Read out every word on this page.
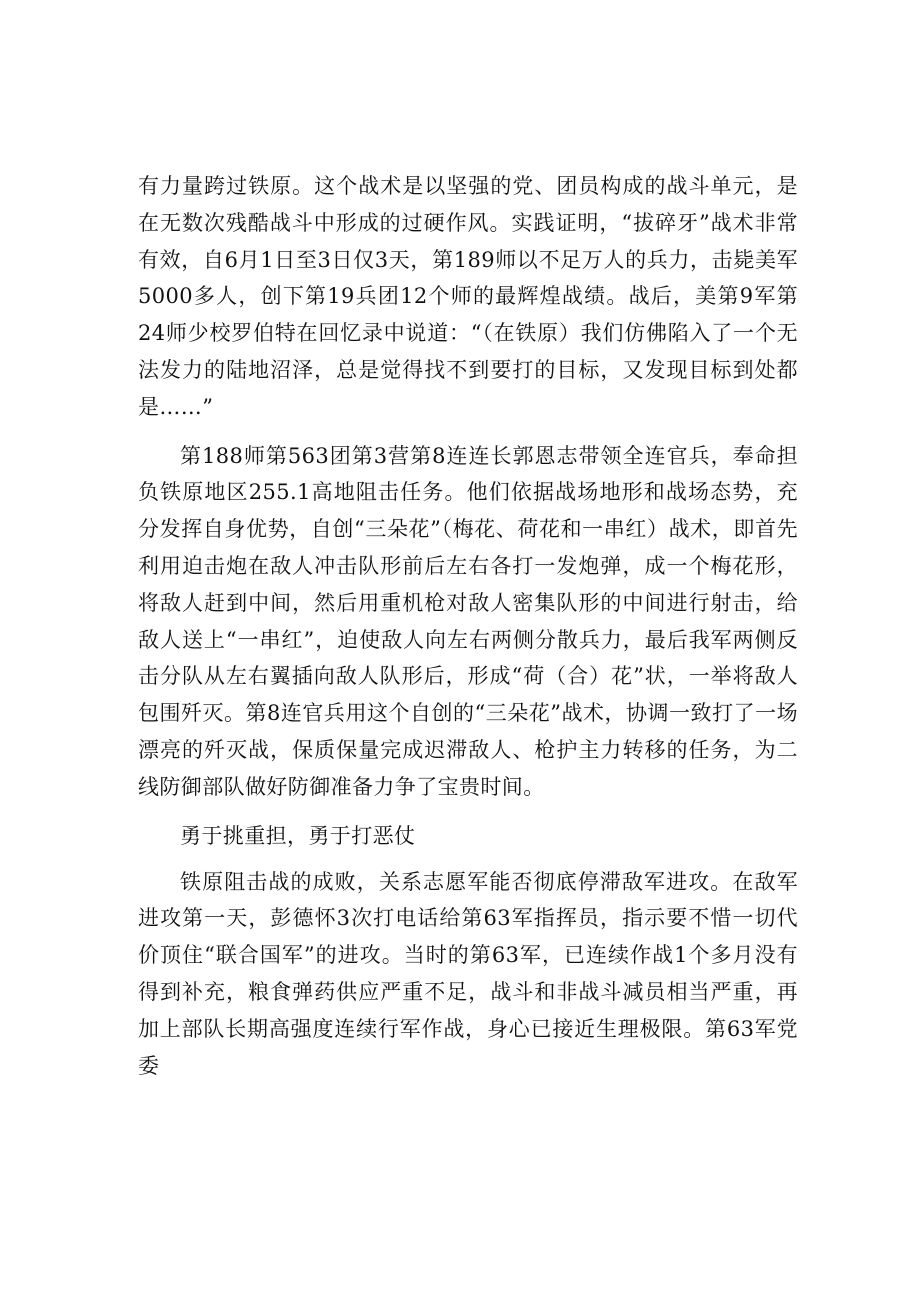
有力量跨过铁原。这个战术是以坚强的党、团员构成的战斗单元，是在无数次残酷战斗中形成的过硬作风。实践证明，“拔碎牙”战术非常有效，自6月1日至3日仅3天，第189师以不足万人的兵力，击毙美军5000多人，创下第19兵团12个师的最辉煌战绩。战后，美第9军第24师少校罗伯特在回忆录中说道：“（在铁原）我们仿佛陷入了一个无法发力的陆地沼泽，总是觉得找不到要打的目标，又发现目标到处都是……”

第188师第563团第3营第8连连长郭恩志带领全连官兵，奉命担负铁原地区255.1高地阻击任务。他们依据战场地形和战场态势，充分发挥自身优势，自创“三朵花”（梅花、荷花和一串红）战术，即首先利用迫击炮在敌人冲击队形前后左右各打一发炮弹，成一个梅花形，将敌人赶到中间，然后用重机枪对敌人密集队形的中间进行射击，给敌人送上“一串红”，迫使敌人向左右两侧分散兵力，最后我军两侧反击分队从左右翼插向敌人队形后，形成“荷（合）花”状，一举将敌人包围歼灭。第8连官兵用这个自创的“三朵花”战术，协调一致打了一场漂亮的歼灭战，保质保量完成迟滞敌人、枪护主力转移的任务，为二线防御部队做好防御准备力争了宝贵时间。

勇于挑重担，勇于打恶仗

铁原阻击战的成败，关系志愿军能否彻底停滞敌军进攻。在敌军进攻第一天，彭德怀3次打电话给第63军指挥员，指示要不惜一切代价顶住“联合国军”的进攻。当时的第63军，已连续作战1个多月没有得到补充，粮食弹药供应严重不足，战斗和非战斗减员相当严重，再加上部队长期高强度连续行军作战，身心已接近生理极限。第63军党委
